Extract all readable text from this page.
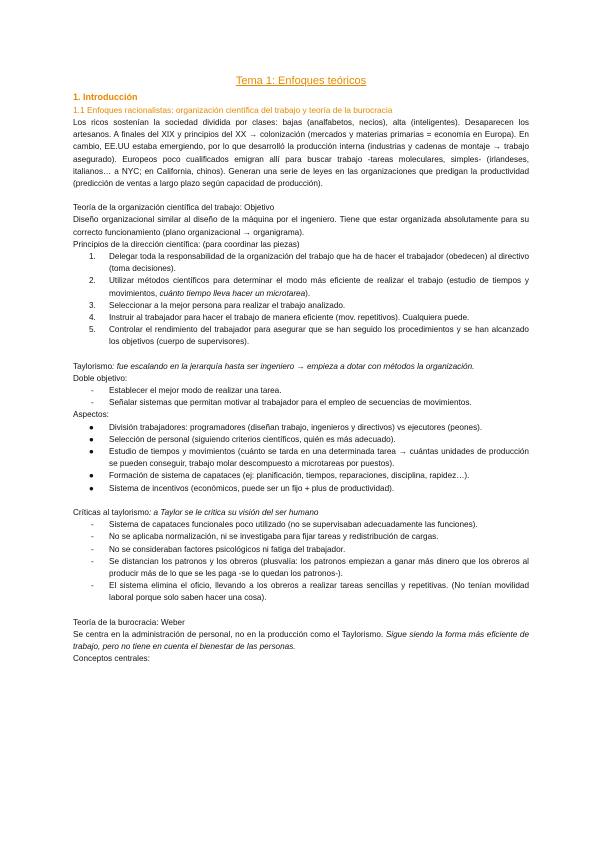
Tema 1: Enfoques teóricos
1. Introducción
1.1 Enfoques racionalistas: organización científica del trabajo y teoría de la burocracia
Los ricos sostenían la sociedad dividida por clases: bajas (analfabetos, necios), alta (inteligentes). Desaparecen los artesanos. A finales del XIX y principios del XX → colonización (mercados y materias primarias = economía en Europa). En cambio, EE.UU estaba emergiendo, por lo que desarrolló la producción interna (industrias y cadenas de montaje → trabajo asegurado). Europeos poco cualificados emigran allí para buscar trabajo -tareas moleculares, simples- (irlandeses, italianos… a NYC; en California, chinos). Generan una serie de leyes en las organizaciones que predigan la productividad (predicción de ventas a largo plazo según capacidad de producción).
Teoría de la organización científica del trabajo: Objetivo
Diseño organizacional similar al diseño de la máquina por el ingeniero. Tiene que estar organizada absolutamente para su correcto funcionamiento (plano organizacional → organigrama).
Principios de la dirección científica: (para coordinar las piezas)
1.	Delegar toda la responsabilidad de la organización del trabajo que ha de hacer el trabajador (obedecen) al directivo (toma decisiones).
2.	Utilizar métodos científicos para determinar el modo más eficiente de realizar el trabajo (estudio de tiempos y movimientos, cuánto tiempo lleva hacer un microtarea).
3.	Seleccionar a la mejor persona para realizar el trabajo analizado.
4.	Instruir al trabajador para hacer el trabajo de manera eficiente (mov. repetitivos). Cualquiera puede.
5.	Controlar el rendimiento del trabajador para asegurar que se han seguido los procedimientos y se han alcanzado los objetivos (cuerpo de supervisores).
Taylorismo: fue escalando en la jerarquía hasta ser ingeniero → empieza a dotar con métodos la organización.
Doble objetivo:
-	Establecer el mejor modo de realizar una tarea.
-	Señalar sistemas que permitan motivar al trabajador para el empleo de secuencias de movimientos.
Aspectos:
●	División trabajadores: programadores (diseñan trabajo, ingenieros y directivos) vs ejecutores (peones).
●	Selección de personal (siguiendo criterios científicos, quién es más adecuado).
●	Estudio de tiempos y movimientos (cuánto se tarda en una determinada tarea → cuántas unidades de producción se pueden conseguir, trabajo molar descompuesto a microtareas por puestos).
●	Formación de sistema de capataces (ej: planificación, tiempos, reparaciones, disciplina, rapidez…).
●	Sistema de incentivos (económicos, puede ser un fijo + plus de productividad).
Críticas al taylorismo: a Taylor se le critica su visión del ser humano
-	Sistema de capataces funcionales poco utilizado (no se supervisaban adecuadamente las funciones).
-	No se aplicaba normalización, ni se investigaba para fijar tareas y redistribución de cargas.
-	No se consideraban factores psicológicos ni fatiga del trabajador.
-	Se distancian los patronos y los obreros (plusvalía: los patronos empiezan a ganar más dinero que los obreros al producir más de lo que se les paga -se lo quedan los patronos-).
-	El sistema elimina el oficio, llevando a los obreros a realizar tareas sencillas y repetitivas. (No tenían movilidad laboral porque solo saben hacer una cosa).
Teoría de la burocracia: Weber
Se centra en la administración de personal, no en la producción como el Taylorismo. Sigue siendo la forma más eficiente de trabajo, pero no tiene en cuenta el bienestar de las personas.
Conceptos centrales:
